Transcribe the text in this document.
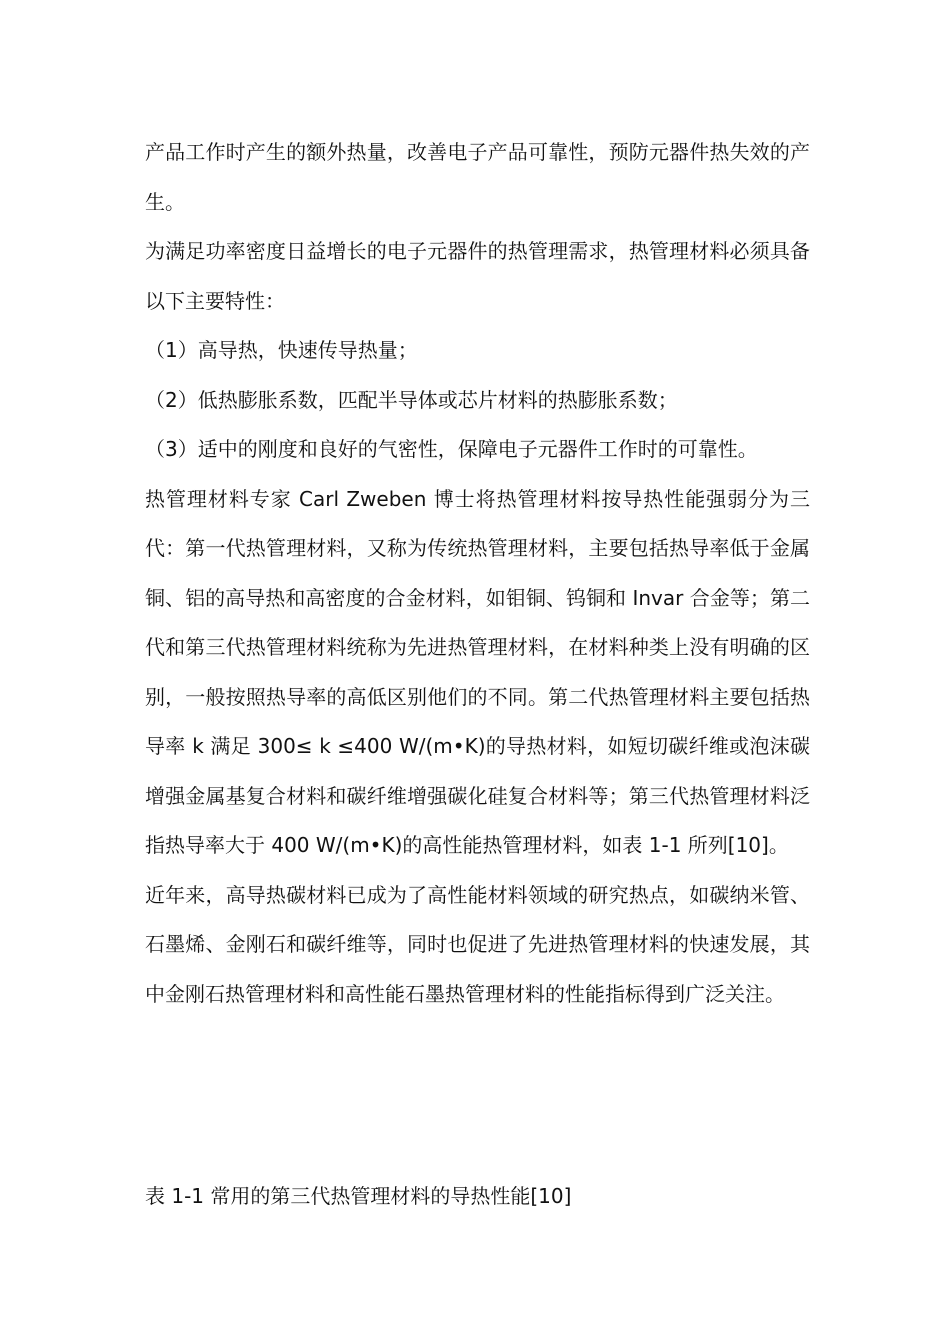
产品工作时产生的额外热量，改善电子产品可靠性，预防元器件热失效的产生。

为满足功率密度日益增长的电子元器件的热管理需求，热管理材料必须具备以下主要特性：

（1）高导热，快速传导热量；

（2）低热膨胀系数，匹配半导体或芯片材料的热膨胀系数；

（3）适中的刚度和良好的气密性，保障电子元器件工作时的可靠性。

热管理材料专家 Carl Zweben 博士将热管理材料按导热性能强弱分为三代：第一代热管理材料，又称为传统热管理材料，主要包括热导率低于金属铜、铝的高导热和高密度的合金材料，如钼铜、钨铜和 Invar 合金等；第二代和第三代热管理材料统称为先进热管理材料，在材料种类上没有明确的区别，一般按照热导率的高低区别他们的不同。第二代热管理材料主要包括热导率 k 满足 300≤ k ≤400 W/(m•K)的导热材料，如短切碳纤维或泡沫碳增强金属基复合材料和碳纤维增强碳化硅复合材料等；第三代热管理材料泛指热导率大于 400 W/(m•K)的高性能热管理材料，如表 1-1 所列[10]。

近年来，高导热碳材料已成为了高性能材料领域的研究热点，如碳纳米管、石墨烯、金刚石和碳纤维等，同时也促进了先进热管理材料的快速发展，其中金刚石热管理材料和高性能石墨热管理材料的性能指标得到广泛关注。

表 1-1 常用的第三代热管理材料的导热性能[10]
